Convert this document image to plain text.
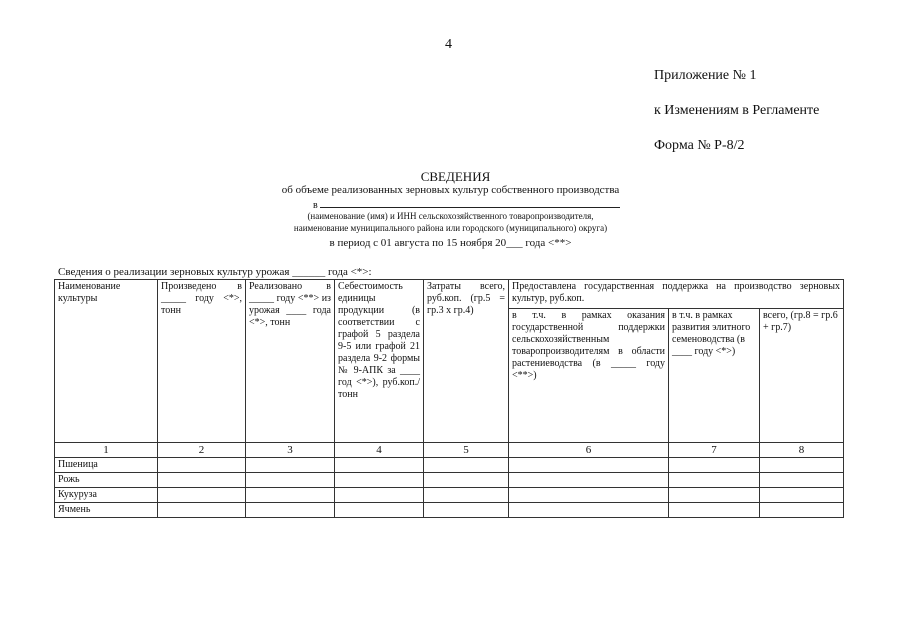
4
Приложение № 1
к Изменениям в Регламенте
Форма № Р-8/2
СВЕДЕНИЯ
об объеме реализованных зерновых культур собственного производства
в
(наименование (имя) и ИНН сельскохозяйственного товаропроизводителя,
наименование муниципального района или городского (муниципального) округа)
в период с 01 августа по 15 ноября 20___ года <**>
Сведения о реализации зерновых культур урожая ______ года <*>:
Наименование культуры	Произведено в _____ году <*>, тонн	Реализовано в _____ году <**> из урожая ____ года <*>, тонн	Себестоимость единицы продукции (в соответствии с графой 5 раздела 9-5 или графой 21 раздела 9-2 формы № 9-АПК за ____ год <*>), руб.коп./тонн	Затраты всего, руб.коп. (гр.5 = гр.3 x гр.4)	Предоставлена государственная поддержка на производство зерновых культур, руб.коп.		
					в т.ч. в рамках оказания государственной поддержки сельскохозяйственным товаропроизводителям в области растениеводства (в _____ году <**>)	в т.ч. в рамках развития элитного семеноводства (в ____ году <*>)	всего, (гр.8 = гр.6 + гр.7)
1	2	3	4	5	6	7	8
Пшеница							
Рожь							
Кукуруза							
Ячмень							
